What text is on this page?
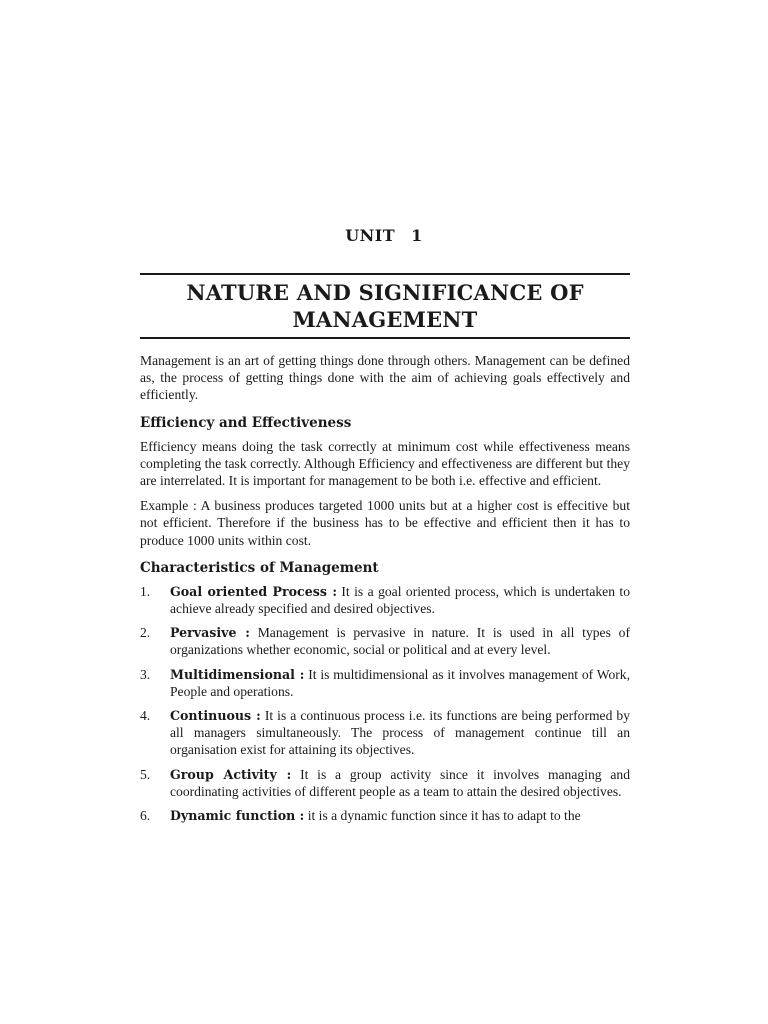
UNIT 1
NATURE AND SIGNIFICANCE OF
MANAGEMENT

Management is an art of getting things done through others. Management can be defined as, the process of getting things done with the aim of achieving goals effectively and efficiently.

Efficiency and Effectiveness

Efficiency means doing the task correctly at minimum cost while effectiveness means completing the task correctly. Although Efficiency and effectiveness are different but they are interrelated. It is important for management to be both i.e. effective and efficient.

Example : A business produces targeted 1000 units but at a higher cost is effecitive but not efficient. Therefore if the business has to be effective and efficient then it has to produce 1000 units within cost.

Characteristics of Management
1. Goal oriented Process : It is a goal oriented process, which is undertaken to achieve already specified and desired objectives.
2. Pervasive : Management is pervasive in nature. It is used in all types of organizations whether economic, social or political and at every level.
3. Multidimensional : It is multidimensional as it involves management of Work, People and operations.
4. Continuous : It is a continuous process i.e. its functions are being performed by all managers simultaneously. The process of management continue till an organisation exist for attaining its objectives.
5. Group Activity : It is a group activity since it involves managing and coordinating activities of different people as a team to attain the desired objectives.
6. Dynamic function : it is a dynamic function since it has to adapt to the
